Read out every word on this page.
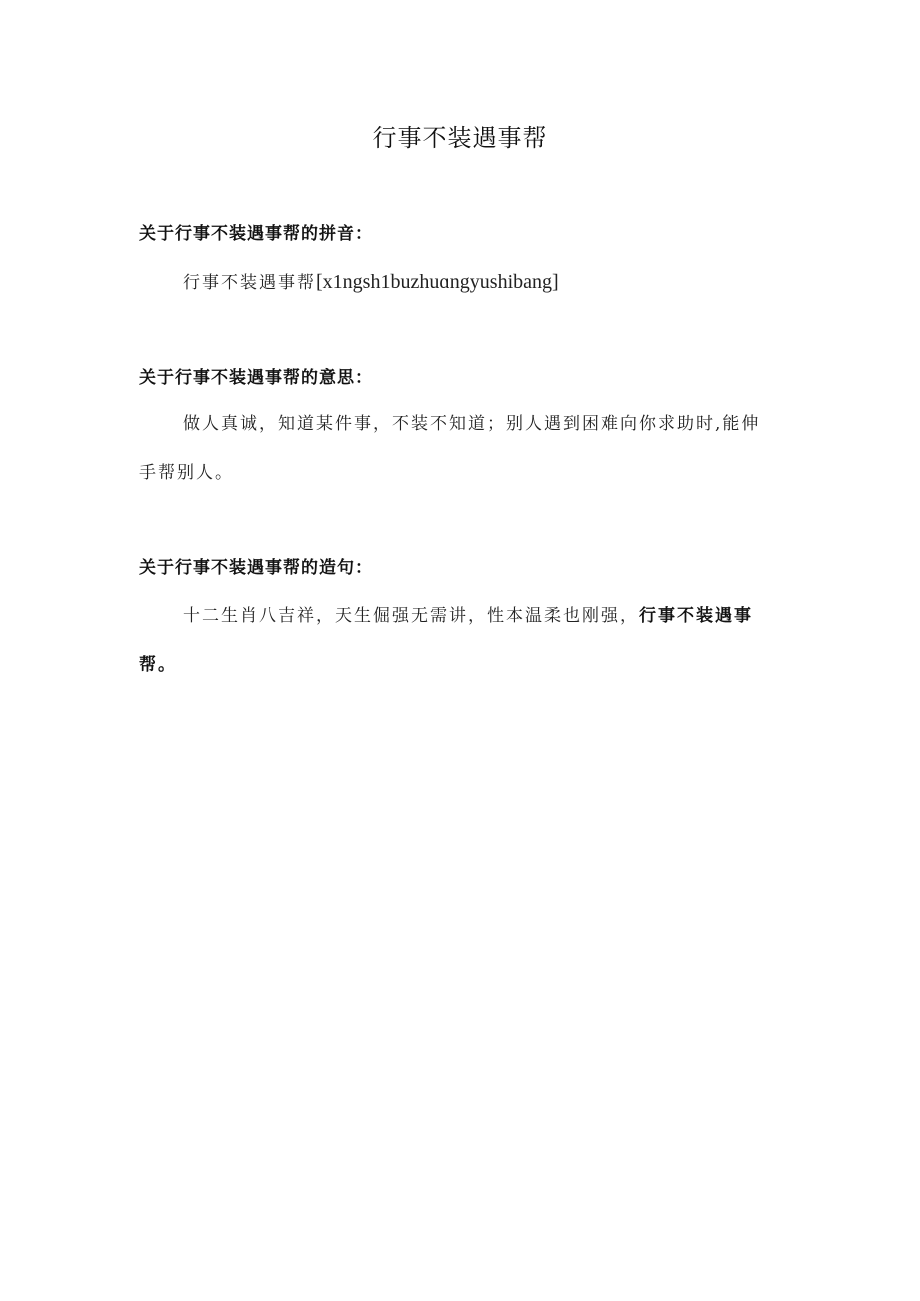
行事不装遇事帮
关于行事不装遇事帮的拼音：

行事不装遇事帮[x1ngsh1buzhuɑngyushibang]

关于行事不装遇事帮的意思：

做人真诚，知道某件事，不装不知道；别人遇到困难向你求助时,能伸手帮别人。

关于行事不装遇事帮的造句：

十二生肖八吉祥，天生倔强无需讲，性本温柔也刚强，行事不装遇事帮。
